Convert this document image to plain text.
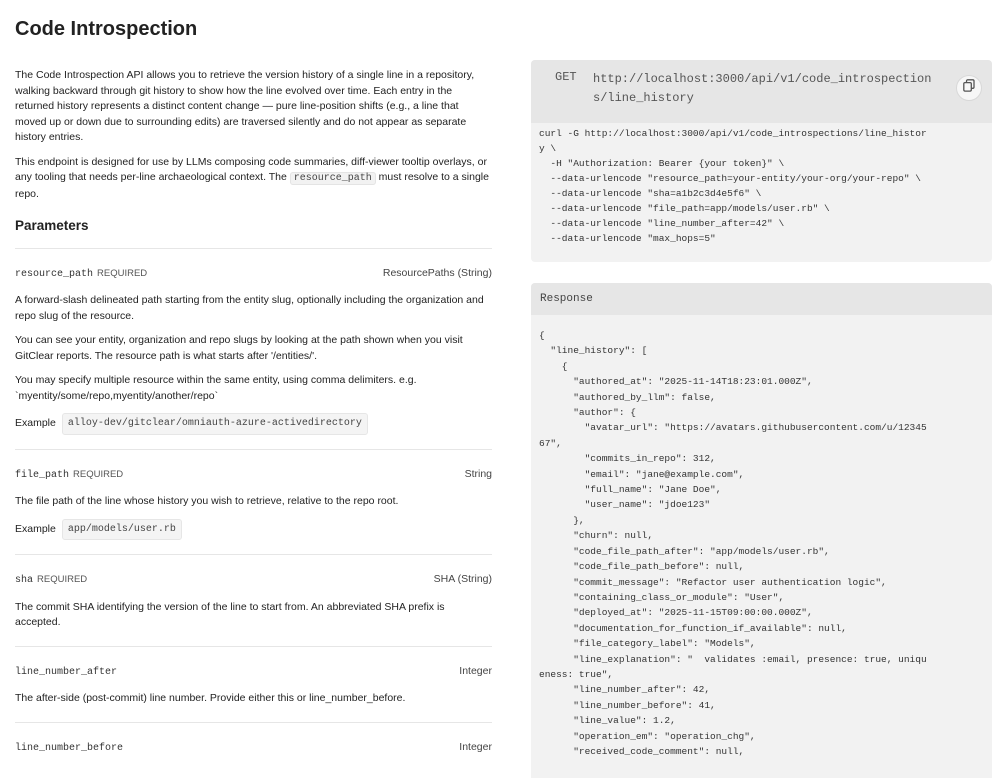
Code Introspection

The Code Introspection API allows you to retrieve the version history of a single line in a repository, walking backward through git history to show how the line evolved over time. Each entry in the returned history represents a distinct content change — pure line-position shifts (e.g., a line that moved up or down due to surrounding edits) are traversed silently and do not appear as separate history entries.

This endpoint is designed for use by LLMs composing code summaries, diff-viewer tooltip overlays, or any tooling that needs per-line archaeological context. The resource_path must resolve to a single repo.

Parameters
resource_path REQUIRED	ResourcePaths (String)

A forward-slash delineated path starting from the entity slug, optionally including the organization and repo slug of the resource.

You can see your entity, organization and repo slugs by looking at the path shown when you visit GitClear reports. The resource path is what starts after '/entities/'.

You may specify multiple resource within the same entity, using comma delimiters. e.g. `myentity/some/repo,myentity/another/repo`

Example	alloy-dev/gitclear/omniauth-azure-activedirectory
file_path REQUIRED	String

The file path of the line whose history you wish to retrieve, relative to the repo root.

Example	app/models/user.rb
sha REQUIRED	SHA (String)

The commit SHA identifying the version of the line to start from. An abbreviated SHA prefix is accepted.

line_number_after	Integer

The after-side (post-commit) line number. Provide either this or line_number_before.

line_number_before	Integer
GET http://localhost:3000/api/v1/code_introspection
s/line_history
curl -G http://localhost:3000/api/v1/code_introspections/line_histor
y \
-H "Authorization: Bearer {your token}" \
--data-urlencode "resource_path=your-entity/your-org/your-repo" \
--data-urlencode "sha=a1b2c3d4e5f6" \
--data-urlencode "file_path=app/models/user.rb" \
--data-urlencode "line_number_after=42" \
--data-urlencode "max_hops=5"
Response
{
"line_history": [
{
"authored_at": "2025-11-14T18:23:01.000Z",
"authored_by_llm": false,
"author": {
"avatar_url": "https://avatars.githubusercontent.com/u/12345
67",
"commits_in_repo": 312,
"email": "jane@example.com",
"full_name": "Jane Doe",
"user_name": "jdoe123"
},
"churn": null,
"code_file_path_after": "app/models/user.rb",
"code_file_path_before": null,
"commit_message": "Refactor user authentication logic",
"containing_class_or_module": "User",
"deployed_at": "2025-11-15T09:00:00.000Z",
"documentation_for_function_if_available": null,
"file_category_label": "Models",
"line_explanation": "  validates :email, presence: true, uniqu
eness: true",
"line_number_after": 42,
"line_number_before": 41,
"line_value": 1.2,
"operation_em": "operation_chg",
"received_code_comment": null,
